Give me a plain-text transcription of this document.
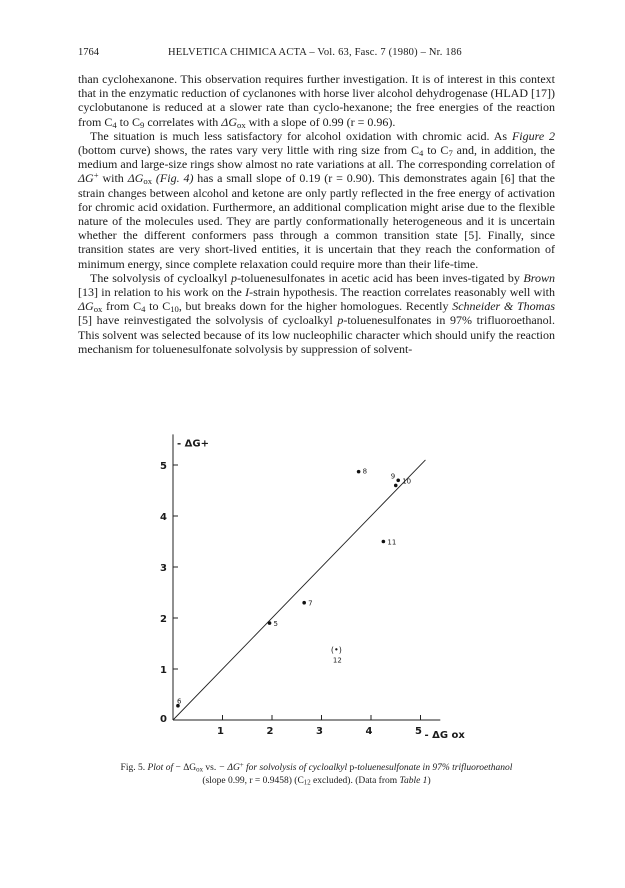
1764	HELVETICA CHIMICA ACTA – Vol. 63, Fasc. 7 (1980) – Nr. 186

than cyclohexanone. This observation requires further investigation. It is of interest in this context that in the enzymatic reduction of cyclanones with horse liver alcohol dehydrogenase (HLAD [17]) cyclobutanone is reduced at a slower rate than cyclo-hexanone; the free energies of the reaction from $C_4$ to $C_9$ correlates with $\Delta G_{ox}$ with a slope of 0.99 (r = 0.96).

The situation is much less satisfactory for alcohol oxidation with chromic acid. As Figure 2 (bottom curve) shows, the rates vary very little with ring size from $C_4$ to $C_7$ and, in addition, the medium and large-size rings show almost no rate variations at all. The corresponding correlation of ΔG+ with $\Delta G_{ox}$ (Fig. 4) has a small slope of 0.19 (r = 0.90). This demonstrates again [6] that the strain changes between alcohol and ketone are only partly reflected in the free energy of activation for chromic acid oxidation. Furthermore, an additional complication might arise due to the flexible nature of the molecules used. They are partly conformationally heterogeneous and it is uncertain whether the different conformers pass through a common transition state [5]. Finally, since transition states are very short-lived entities, it is uncertain that they reach the conformation of minimum energy, since complete relaxation could require more than their life-time.

The solvolysis of cycloalkyl p-toluenesulfonates in acetic acid has been inves-tigated by Brown [13] in relation to his work on the I-strain hypothesis. The reaction correlates reasonably well with $\Delta G_{ox}$ from $C_4$ to $C_{10}$, but breaks down for the higher homologues. Recently Schneider & Thomas [5] have reinvestigated the solvolysis of cycloalkyl p-toluenesulfonates in 97% trifluoroethanol. This solvent was selected because of its low nucleophilic character which should unify the reaction mechanism for toluenesulfonate solvolysis by suppression of solvent-

1
2
3
4
5
1	2	3	4	5
0
- ΔG+
- ΔG ox
5
6
7
8
9
10
11
(•)
12
Fig. 5. Plot of − $\Delta G_{ox}$ vs. − ΔG+ for solvolysis of cycloalkyl p-toluenesulfonate in 97% trifluoroethanol
(slope 0.99, r = 0.9458) ($C_{12}$ excluded). (Data from Table 1)
